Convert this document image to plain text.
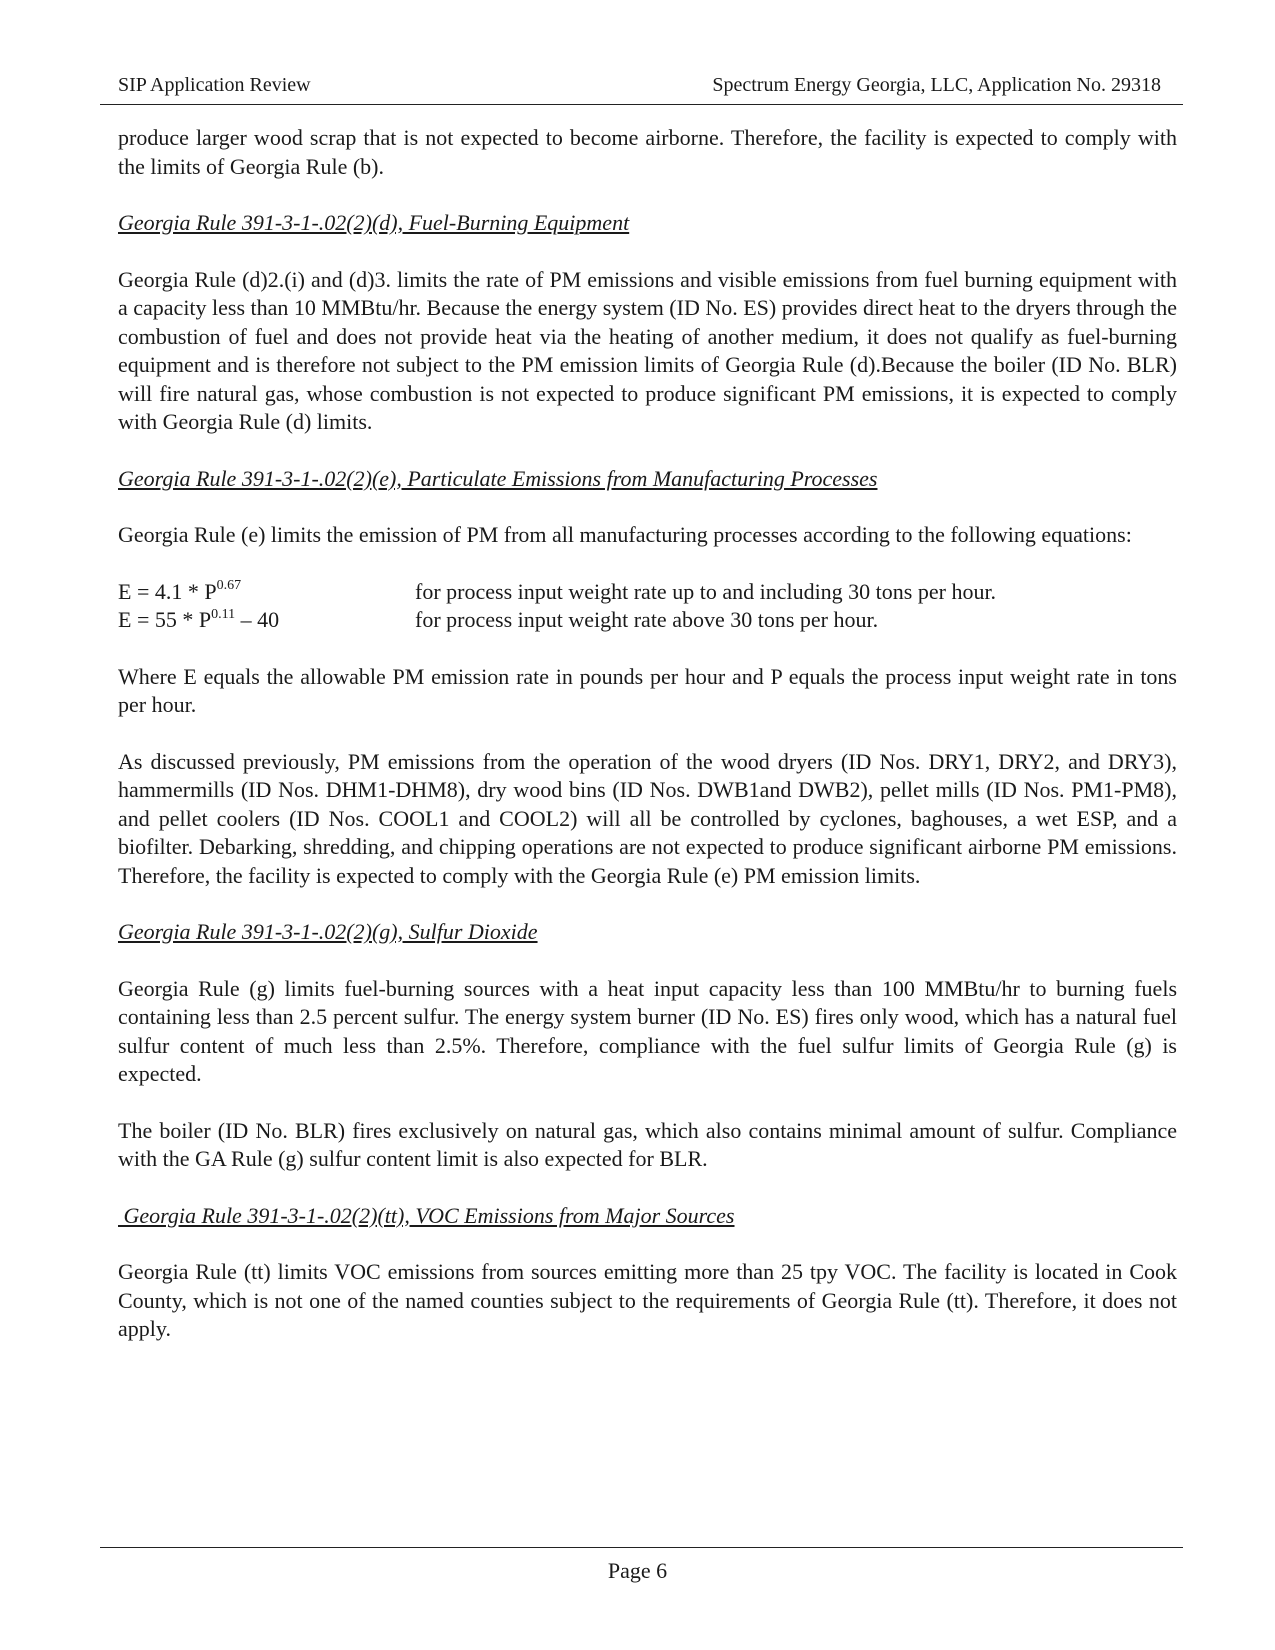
SIP Application Review	Spectrum Energy Georgia, LLC, Application No. 29318

produce larger wood scrap that is not expected to become airborne. Therefore, the facility is expected to comply with the limits of Georgia Rule (b).

Georgia Rule 391-3-1-.02(2)(d), Fuel-Burning Equipment

Georgia Rule (d)2.(i) and (d)3. limits the rate of PM emissions and visible emissions from fuel burning equipment with a capacity less than 10 MMBtu/hr. Because the energy system (ID No. ES) provides direct heat to the dryers through the combustion of fuel and does not provide heat via the heating of another medium, it does not qualify as fuel-burning equipment and is therefore not subject to the PM emission limits of Georgia Rule (d).Because the boiler (ID No. BLR) will fire natural gas, whose combustion is not expected to produce significant PM emissions, it is expected to comply with Georgia Rule (d) limits.

Georgia Rule 391-3-1-.02(2)(e), Particulate Emissions from Manufacturing Processes

Georgia Rule (e) limits the emission of PM from all manufacturing processes according to the following equations:

$E = 4.1 * P^{0.67}$	for process input weight rate up to and including 30 tons per hour.
$E = 55 * P^{0.11} - 40$	for process input weight rate above 30 tons per hour.

Where E equals the allowable PM emission rate in pounds per hour and P equals the process input weight rate in tons per hour.

As discussed previously, PM emissions from the operation of the wood dryers (ID Nos. DRY1, DRY2, and DRY3), hammermills (ID Nos. DHM1-DHM8), dry wood bins (ID Nos. DWB1and DWB2), pellet mills (ID Nos. PM1-PM8), and pellet coolers (ID Nos. COOL1 and COOL2) will all be controlled by cyclones, baghouses, a wet ESP, and a biofilter. Debarking, shredding, and chipping operations are not expected to produce significant airborne PM emissions. Therefore, the facility is expected to comply with the Georgia Rule (e) PM emission limits.

Georgia Rule 391-3-1-.02(2)(g), Sulfur Dioxide

Georgia Rule (g) limits fuel-burning sources with a heat input capacity less than 100 MMBtu/hr to burning fuels containing less than 2.5 percent sulfur. The energy system burner (ID No. ES) fires only wood, which has a natural fuel sulfur content of much less than 2.5%. Therefore, compliance with the fuel sulfur limits of Georgia Rule (g) is expected.

The boiler (ID No. BLR) fires exclusively on natural gas, which also contains minimal amount of sulfur. Compliance with the GA Rule (g) sulfur content limit is also expected for BLR.

Georgia Rule 391-3-1-.02(2)(tt), VOC Emissions from Major Sources

Georgia Rule (tt) limits VOC emissions from sources emitting more than 25 tpy VOC. The facility is located in Cook County, which is not one of the named counties subject to the requirements of Georgia Rule (tt). Therefore, it does not apply.

Page 6
